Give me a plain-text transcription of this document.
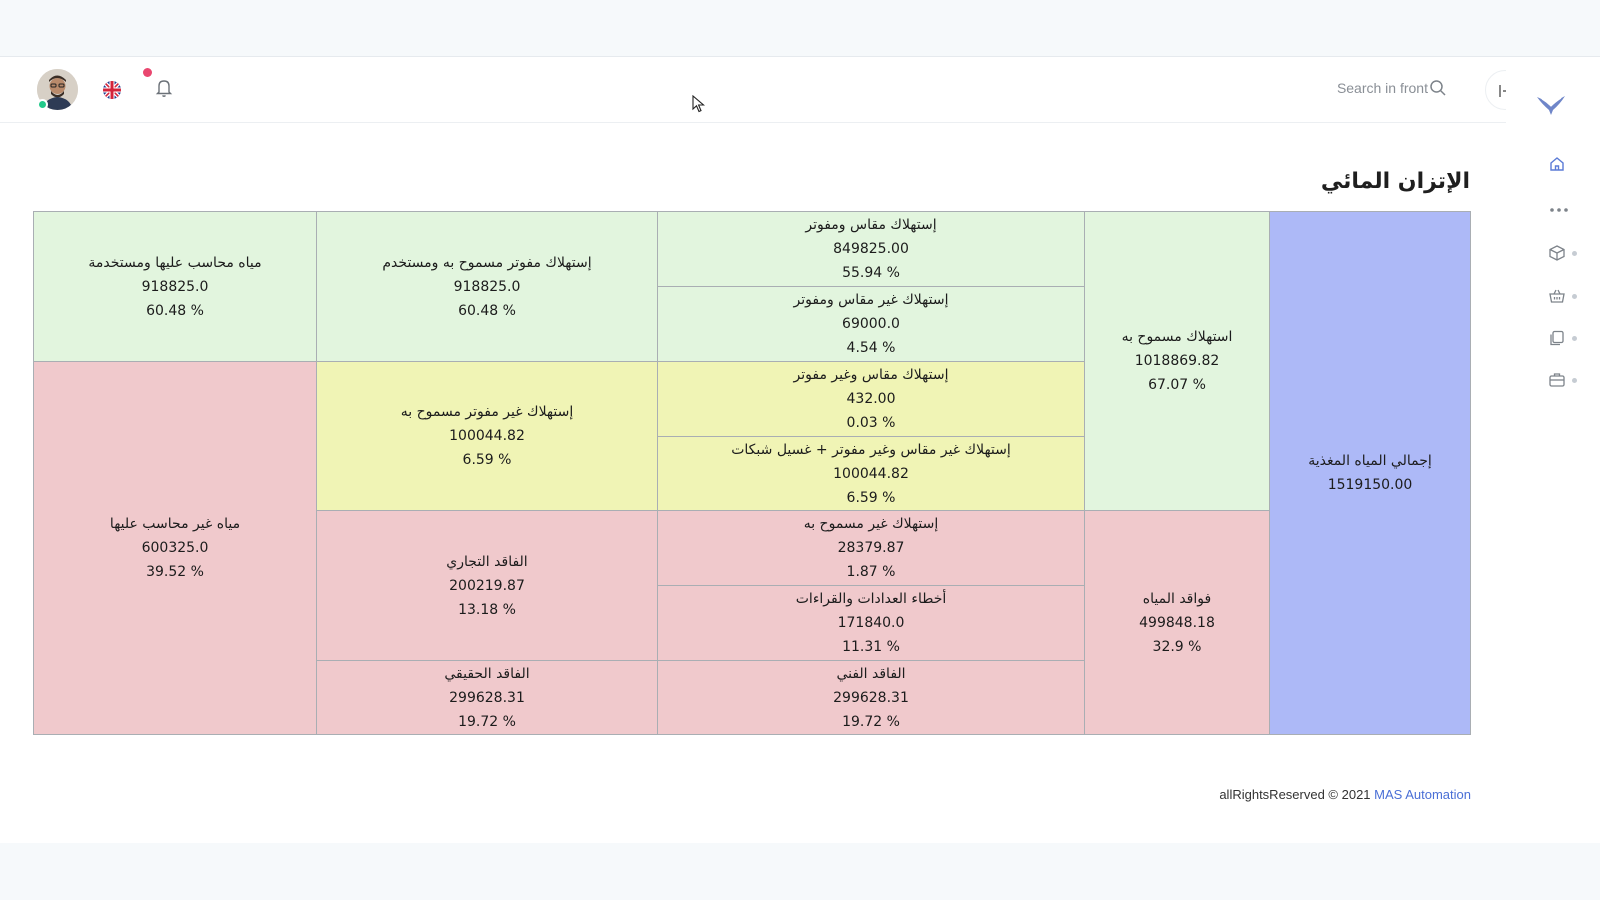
Search in front
الإتزان المائي
إجمالي المياه المغذية
1519150.00
استهلاك مسموح به
1018869.82
67.07 %
فواقد المياه
499848.18
32.9 %
إستهلاك مقاس ومفوتر
849825.00
55.94 %
إستهلاك غير مقاس ومفوتر
69000.0
4.54 %
إستهلاك مقاس وغير مفوتر
432.00
0.03 %
إستهلاك غير مقاس وغير مفوتر + غسيل شبكات
100044.82
6.59 %
إستهلاك غير مسموح به
28379.87
1.87 %
أخطاء العدادات والقراءات
171840.0
11.31 %
الفاقد الفني
299628.31
19.72 %
إستهلاك مفوتر مسموح به ومستخدم
918825.0
60.48 %
إستهلاك غير مفوتر مسموح به
100044.82
6.59 %
الفاقد التجاري
200219.87
13.18 %
الفاقد الحقيقي
299628.31
19.72 %
مياه محاسب عليها ومستخدمة
918825.0
60.48 %
مياه غير محاسب عليها
600325.0
39.52 %
allRightsReserved © 2021 MAS Automation
